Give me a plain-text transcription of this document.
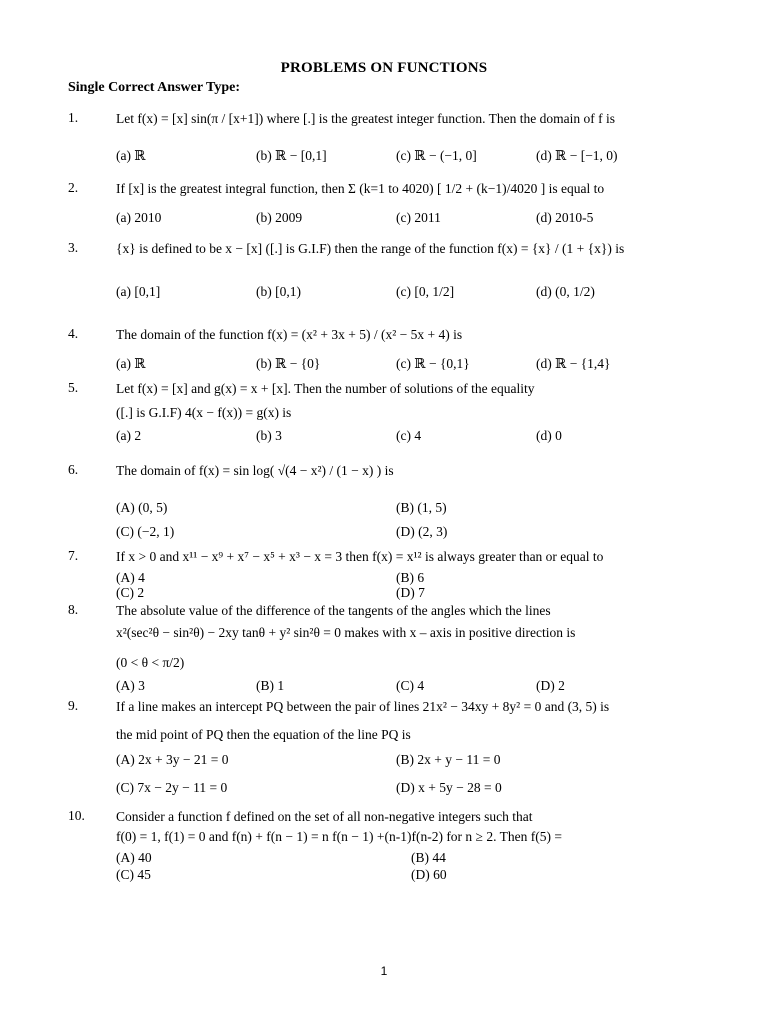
PROBLEMS ON FUNCTIONS
Single Correct Answer Type:
1.	Let f(x) = [x] sin(π / [x+1]) where [.] is the greatest integer function. Then the domain of f is
(a) ℝ	(b) ℝ − [0,1]	(c) ℝ − (−1, 0]	(d) ℝ − [−1, 0)
2.	If [x] is the greatest integral function, then Σ (k=1 to 4020) [ 1/2 + (k−1)/4020 ] is equal to
(a) 2010	(b) 2009	(c) 2011	(d) 2010-5
3.	{x} is defined to be x − [x] ([.] is G.I.F) then the range of the function f(x) = {x} / (1 + {x}) is
(a) [0,1]	(b) [0,1)	(c) [0, 1/2]	(d) (0, 1/2)
4.	The domain of the function f(x) = (x² + 3x + 5) / (x² − 5x + 4) is
(a) ℝ	(b) ℝ − {0}	(c) ℝ − {0,1}	(d) ℝ − {1,4}
5.	Let f(x) = [x] and g(x) = x + [x]. Then the number of solutions of the equality
([.] is G.I.F) 4(x − f(x)) = g(x) is
(a) 2	(b) 3	(c) 4	(d) 0
6.	The domain of f(x) = sin log( √(4 − x²) / (1 − x) ) is
(A) (0, 5)	(B) (1, 5)
(C) (−2, 1)	(D) (2, 3)
7.	If x > 0 and x¹¹ − x⁹ + x⁷ − x⁵ + x³ − x = 3 then f(x) = x¹² is always greater than or equal to
(A) 4	(B) 6
(C) 2	(D) 7
8.	The absolute value of the difference of the tangents of the angles which the lines
x²(sec²θ − sin²θ) − 2xy tanθ + y² sin²θ = 0 makes with x – axis in positive direction is
(0 < θ < π/2)
(A) 3	(B) 1	(C) 4	(D) 2
9.	If a line makes an intercept PQ between the pair of lines 21x² − 34xy + 8y² = 0 and (3, 5) is
the mid point of PQ then the equation of the line PQ is
(A) 2x + 3y − 21 = 0	(B) 2x + y − 11 = 0
(C) 7x − 2y − 11 = 0	(D) x + 5y − 28 = 0
10.	Consider a function f defined on the set of all non-negative integers such that
f(0) = 1, f(1) = 0 and f(n) + f(n − 1) = n f(n − 1) +(n-1)f(n-2) for n ≥ 2. Then f(5) =
(A) 40	(B) 44
(C) 45	(D) 60
1
